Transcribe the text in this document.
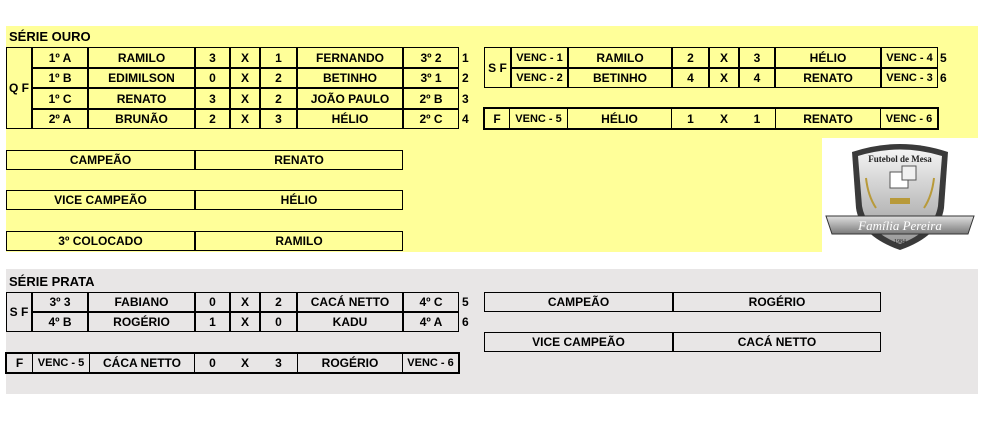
SÉRIE OURO
Q F
1º A	RAMILO	3	X	1	FERNANDO	3º 2	1
1º B	EDIMILSON	0	X	2	BETINHO	3º 1	2
1º C	RENATO	3	X	2	JOÃO PAULO	2º B	3
2º A	BRUNÃO	2	X	3	HÉLIO	2º C	4
S F
VENC - 1	RAMILO	2	X	3	HÉLIO	VENC - 4 5
VENC - 2	BETINHO	4	X	4	RENATO	VENC - 3 6
F	VENC - 5	HÉLIO	1	X	1	RENATO	VENC - 6
CAMPEÃO	RENATO
VICE CAMPEÃO	HÉLIO
3º COLOCADO	RAMILO
Futebol de Mesa
Família Pereira
1984
SÉRIE PRATA
S F
3º 3	FABIANO	0	X	2	CACÁ NETTO	4º C	5
4º B	ROGÉRIO	1	X	0	KADU	4º A	6
F	VENC - 5	CÁCA NETTO	0	X	3	ROGÉRIO	VENC - 6
CAMPEÃO	ROGÉRIO
VICE CAMPEÃO	CACÁ NETTO
